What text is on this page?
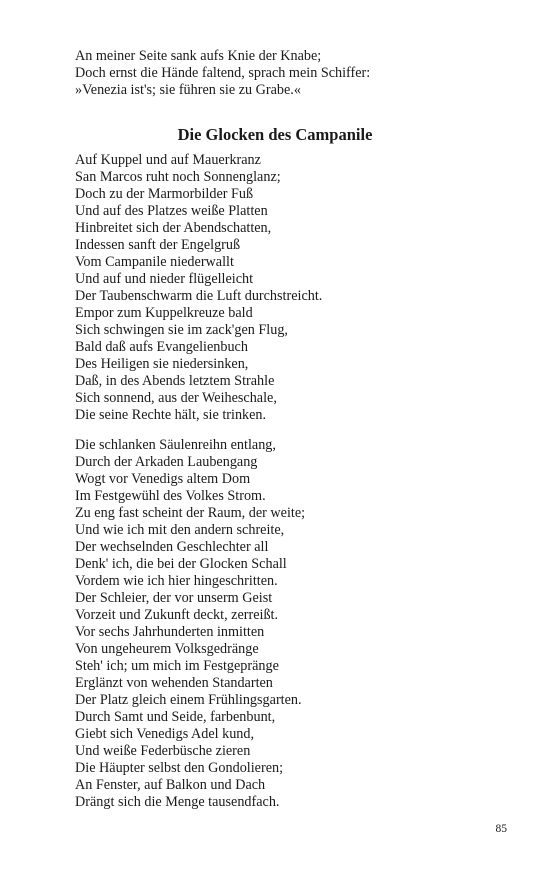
An meiner Seite sank aufs Knie der Knabe;
Doch ernst die Hände faltend, sprach mein Schiffer:
»Venezia ist's; sie führen sie zu Grabe.«
Die Glocken des Campanile
Auf Kuppel und auf Mauerkranz
San Marcos ruht noch Sonnenglanz;
Doch zu der Marmorbilder Fuß
Und auf des Platzes weiße Platten
Hinbreitet sich der Abendschatten,
Indessen sanft der Engelgruß
Vom Campanile niederwallt
Und auf und nieder flügelleicht
Der Taubenschwarm die Luft durchstreicht.
Empor zum Kuppelkreuze bald
Sich schwingen sie im zack'gen Flug,
Bald daß aufs Evangelienbuch
Des Heiligen sie niedersinken,
Daß, in des Abends letztem Strahle
Sich sonnend, aus der Weiheschale,
Die seine Rechte hält, sie trinken.
Die schlanken Säulenreihn entlang,
Durch der Arkaden Laubengang
Wogt vor Venedigs altem Dom
Im Festgewühl des Volkes Strom.
Zu eng fast scheint der Raum, der weite;
Und wie ich mit den andern schreite,
Der wechselnden Geschlechter all
Denk' ich, die bei der Glocken Schall
Vordem wie ich hier hingeschritten.
Der Schleier, der vor unserm Geist
Vorzeit und Zukunft deckt, zerreißt.
Vor sechs Jahrhunderten inmitten
Von ungeheurem Volksgedränge
Steh' ich; um mich im Festgepränge
Erglänzt von wehenden Standarten
Der Platz gleich einem Frühlingsgarten.
Durch Samt und Seide, farbenbunt,
Giebt sich Venedigs Adel kund,
Und weiße Federbüsche zieren
Die Häupter selbst den Gondolieren;
An Fenster, auf Balkon und Dach
Drängt sich die Menge tausendfach.
85
